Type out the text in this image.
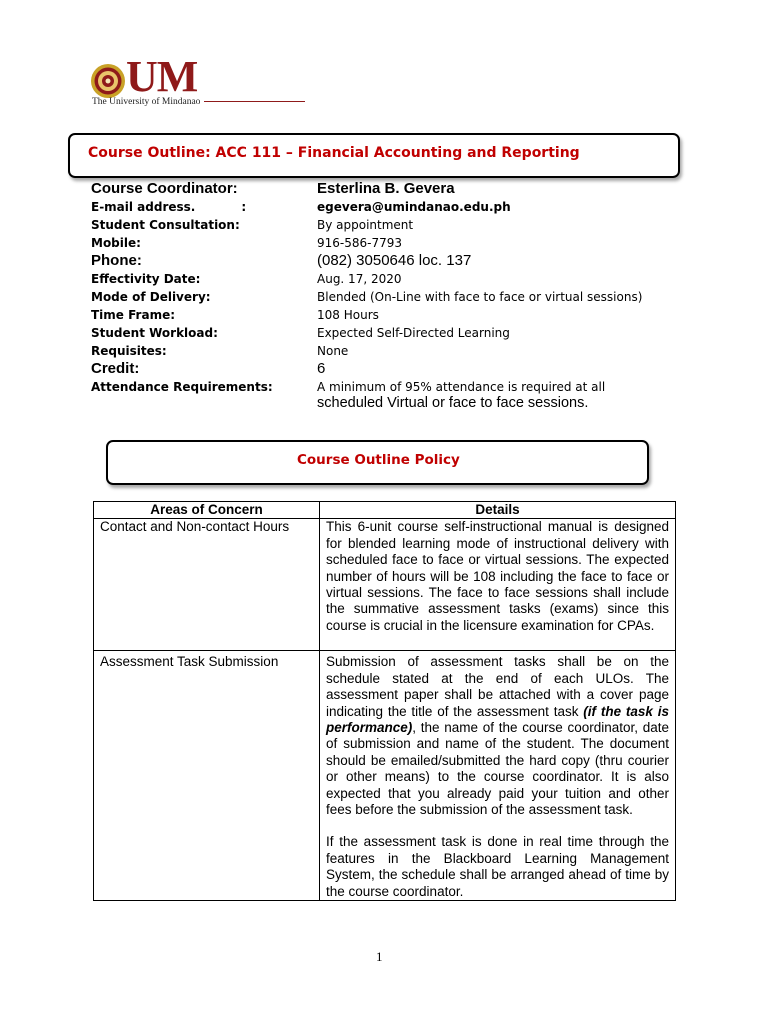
UM
The University of Mindanao
Course Outline: ACC 111 – Financial Accounting and Reporting
Course Coordinator:	Esterlina B. Gevera
E-mail address.           :	egevera@umindanao.edu.ph
Student Consultation:	By appointment
Mobile:	916-586-7793
Phone:	(082) 3050646 loc. 137
Effectivity Date:	Aug. 17, 2020
Mode of Delivery:	Blended (On-Line with face to face or virtual sessions)
Time Frame:	108 Hours
Student Workload:	Expected Self-Directed Learning
Requisites:	None
Credit:	6
Attendance Requirements:	A minimum of 95% attendance is required at all
scheduled Virtual or face to face sessions.
Course Outline Policy
Areas of Concern	Details
Contact and Non-contact Hours	This 6-unit course self-instructional manual is designed for blended learning mode of instructional delivery with scheduled face to face or virtual sessions. The expected number of hours will be 108 including the face to face or virtual sessions. The face to face sessions shall include the summative assessment tasks (exams) since this course is crucial in the licensure examination for CPAs.
Assessment Task Submission	Submission of assessment tasks shall be on the schedule stated at the end of each ULOs. The assessment paper shall be attached with a cover page indicating the title of the assessment task (if the task is performance), the name of the course coordinator, date of submission and name of the student. The document should be emailed/submitted the hard copy (thru courier or other means) to the course coordinator. It is also expected that you already paid your tuition and other fees before the submission of the assessment task.
If the assessment task is done in real time through the features in the Blackboard Learning Management System, the schedule shall be arranged ahead of time by the course coordinator.
1
